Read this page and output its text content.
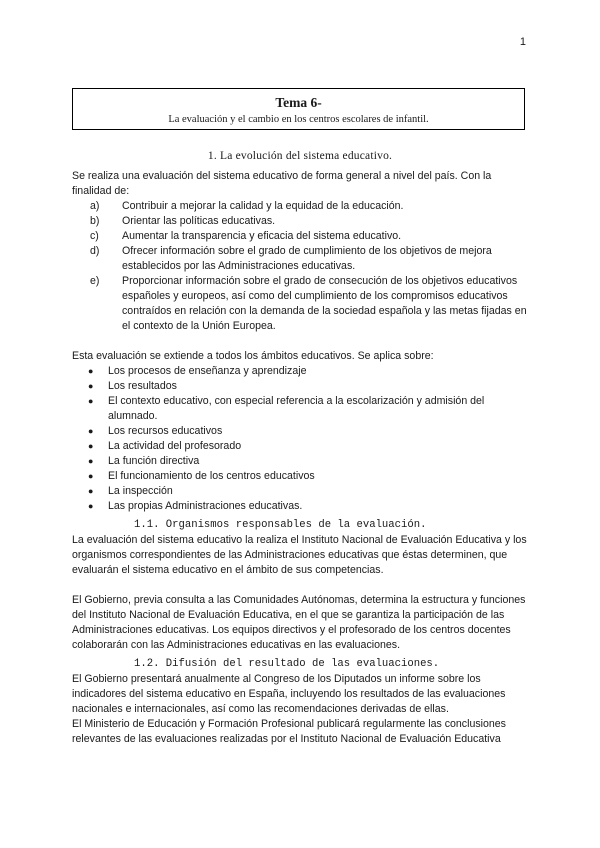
1
Tema 6-
La evaluación y el cambio en los centros escolares de infantil.
1. La evolución del sistema educativo.

Se realiza una evaluación del sistema educativo de forma general a nivel del país. Con la finalidad de:

a) Contribuir a mejorar la calidad y la equidad de la educación.
b) Orientar las políticas educativas.
c) Aumentar la transparencia y eficacia del sistema educativo.
d) Ofrecer información sobre el grado de cumplimiento de los objetivos de mejora establecidos por las Administraciones educativas.
e) Proporcionar información sobre el grado de consecución de los objetivos educativos españoles y europeos, así como del cumplimiento de los compromisos educativos contraídos en relación con la demanda de la sociedad española y las metas fijadas en el contexto de la Unión Europea.

Esta evaluación se extiende a todos los ámbitos educativos. Se aplica sobre:

● Los procesos de enseñanza y aprendizaje
● Los resultados
● El contexto educativo, con especial referencia a la escolarización y admisión del alumnado.
● Los recursos educativos
● La actividad del profesorado
● La función directiva
● El funcionamiento de los centros educativos
● La inspección
● Las propias Administraciones educativas.

1.1. Organismos responsables de la evaluación.

La evaluación del sistema educativo la realiza el Instituto Nacional de Evaluación Educativa y los organismos correspondientes de las Administraciones educativas que éstas determinen, que evaluarán el sistema educativo en el ámbito de sus competencias.

El Gobierno, previa consulta a las Comunidades Autónomas, determina la estructura y funciones del Instituto Nacional de Evaluación Educativa, en el que se garantiza la participación de las Administraciones educativas. Los equipos directivos y el profesorado de los centros docentes colaborarán con las Administraciones educativas en las evaluaciones.

1.2. Difusión del resultado de las evaluaciones.

El Gobierno presentará anualmente al Congreso de los Diputados un informe sobre los indicadores del sistema educativo en España, incluyendo los resultados de las evaluaciones nacionales e internacionales, así como las recomendaciones derivadas de ellas.

El Ministerio de Educación y Formación Profesional publicará regularmente las conclusiones relevantes de las evaluaciones realizadas por el Instituto Nacional de Evaluación Educativa
